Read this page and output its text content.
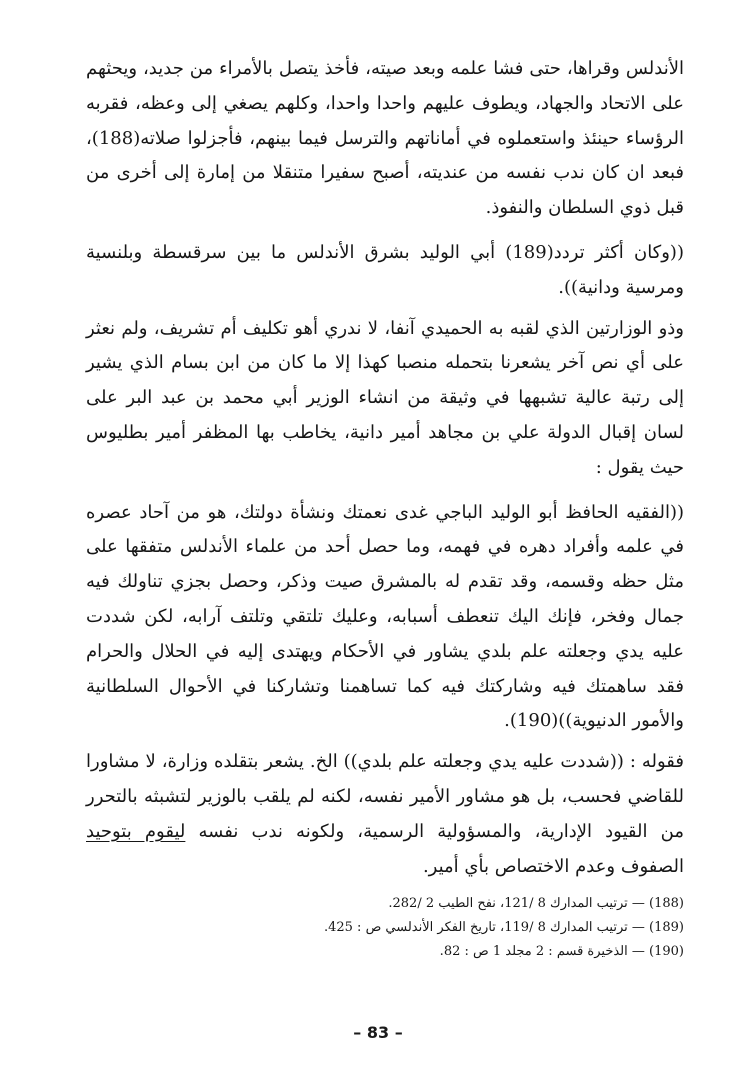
الأندلس وقراها، حتى فشا علمه وبعد صيته، فأخذ يتصل بالأمراء من جديد، ويحثهم على الاتحاد والجهاد، ويطوف عليهم واحدا واحدا، وكلهم يصغي إلى وعظه، فقربه الرؤساء حينئذ واستعملوه في أماناتهم والترسل فيما بينهم، فأجزلوا صلاته(188)، فبعد ان كان ندب نفسه من عنديته، أصبح سفيرا متنقلا من إمارة إلى أخرى من قبل ذوي السلطان والنفوذ.

((وكان أكثر تردد(189) أبي الوليد بشرق الأندلس ما بين سرقسطة وبلنسية ومرسية ودانية)).

وذو الوزارتين الذي لقبه به الحميدي آنفا، لا ندري أهو تكليف أم تشريف، ولم نعثر على أي نص آخر يشعرنا بتحمله منصبا كهذا إلا ما كان من ابن بسام الذي يشير إلى رتبة عالية تشبهها في وثيقة من انشاء الوزير أبي محمد بن عبد البر على لسان إقبال الدولة علي بن مجاهد أمير دانية، يخاطب بها المظفر أمير بطليوس حيث يقول :

((الفقيه الحافظ أبو الوليد الباجي غدى نعمتك ونشأة دولتك، هو من آحاد عصره في علمه وأفراد دهره في فهمه، وما حصل أحد من علماء الأندلس متفقها على مثل حظه وقسمه، وقد تقدم له بالمشرق صيت وذكر، وحصل بجزي تناولك فيه جمال وفخر، فإنك اليك تنعطف أسبابه، وعليك تلتقي وتلتف آرابه، لكن شددت عليه يدي وجعلته علم بلدي يشاور في الأحكام ويهتدى إليه في الحلال والحرام فقد ساهمتك فيه وشاركتك فيه كما تساهمنا وتشاركنا في الأحوال السلطانية والأمور الدنيوية))(190).

فقوله : ((شددت عليه يدي وجعلته علم بلدي)) الخ. يشعر بتقلده وزارة، لا مشاورا للقاضي فحسب، بل هو مشاور الأمير نفسه، لكنه لم يلقب بالوزير لتشبثه بالتحرر من القيود الإدارية، والمسؤولية الرسمية، ولكونه ندب نفسه ليقوم بتوحيد الصفوف وعدم الاختصاص بأي أمير.

(188) — ترتيب المدارك 8 /121، نفح الطيب 2 /282.
(189) — ترتيب المدارك 8 /119، تاريخ الفكر الأندلسي ص : 425.
(190) — الذخيرة قسم : 2 مجلد 1 ص : 82.
– 83 –
